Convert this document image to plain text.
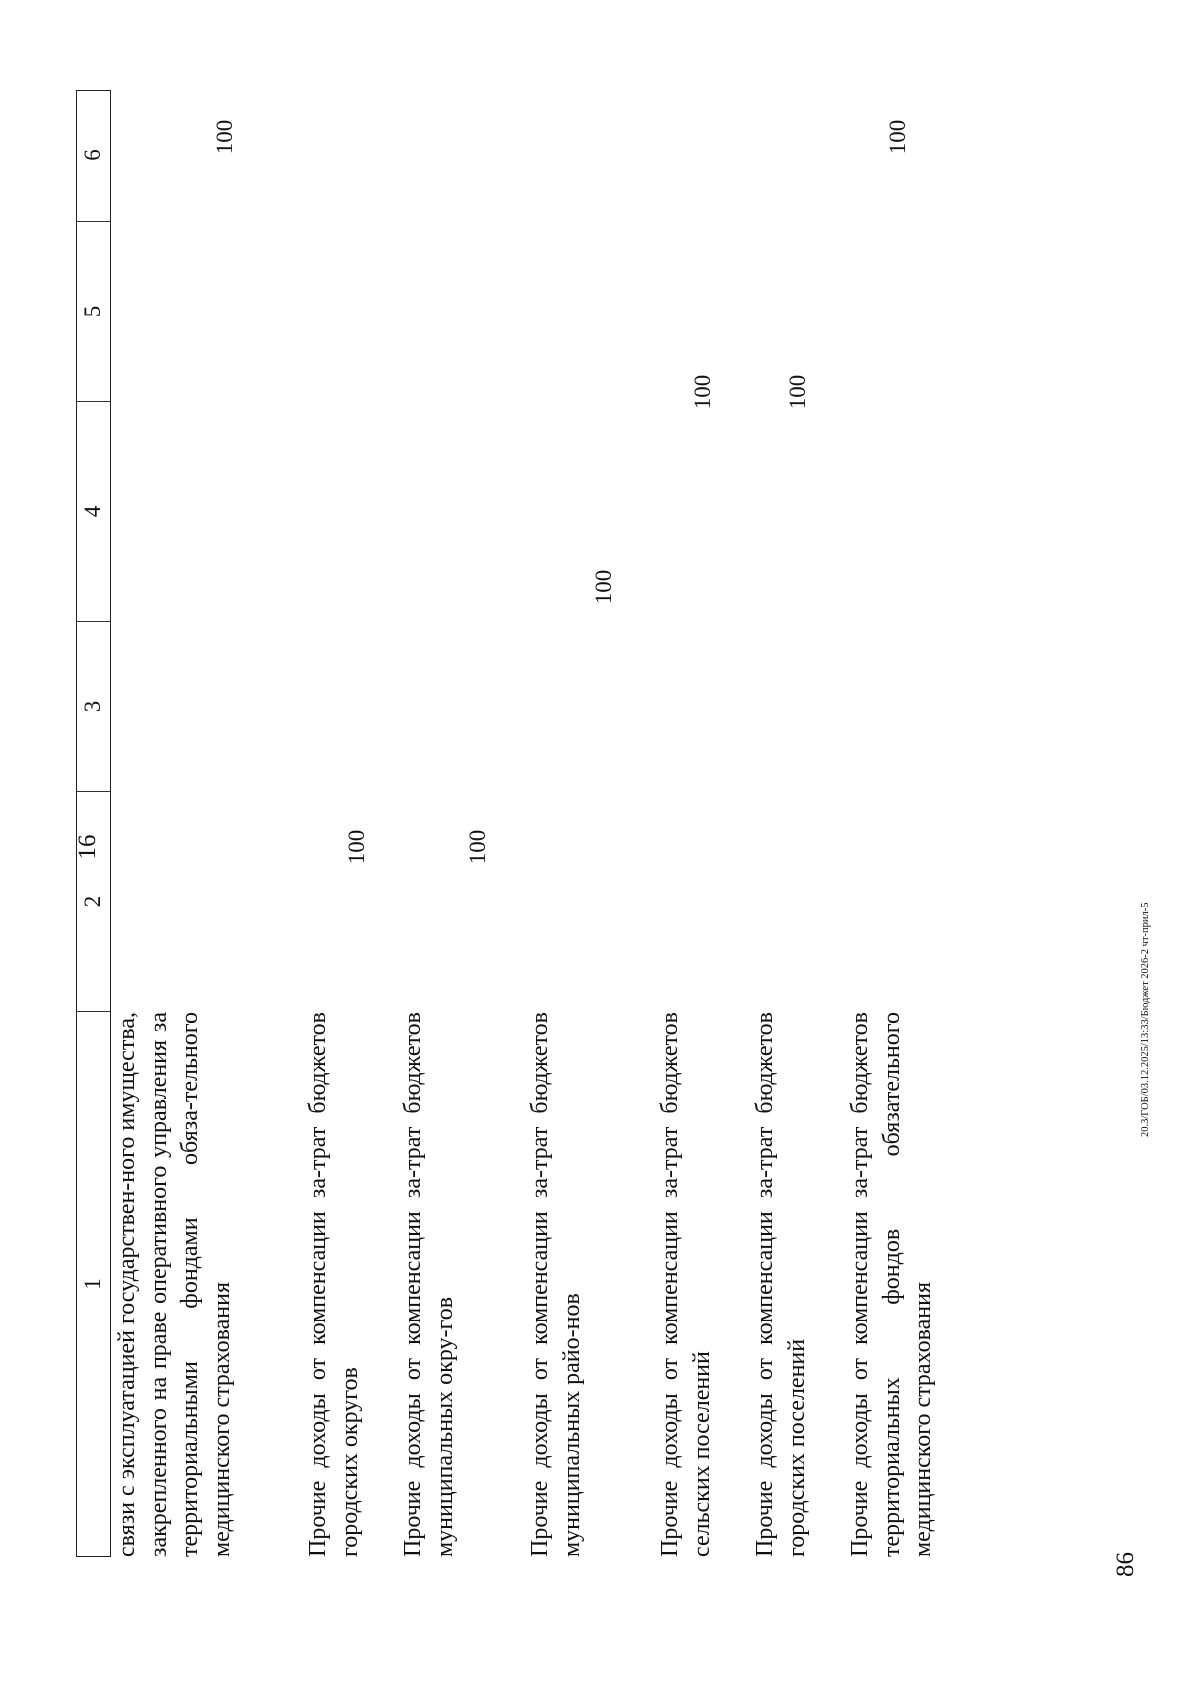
16
1
2
3
4
5
6
связи с эксплуатацией государствен-ного имущества, закрепленного на праве оперативного управления за территориальными фондами обяза-тельного медицинского страхования
100
Прочие доходы от компенсации за-трат бюджетов городских округов
100
Прочие доходы от компенсации за-трат бюджетов муниципальных окру-гов
100
Прочие доходы от компенсации за-трат бюджетов муниципальных райо-нов
100
Прочие доходы от компенсации за-трат бюджетов сельских поселений
100
Прочие доходы от компенсации за-трат бюджетов городских поселений
100
Прочие доходы от компенсации за-трат бюджетов территориальных фондов обязательного медицинского страхования
100
86
20.3/ГОБ/03.12.2025/13:33/Бюджет 2026-2 чт-прил-5
